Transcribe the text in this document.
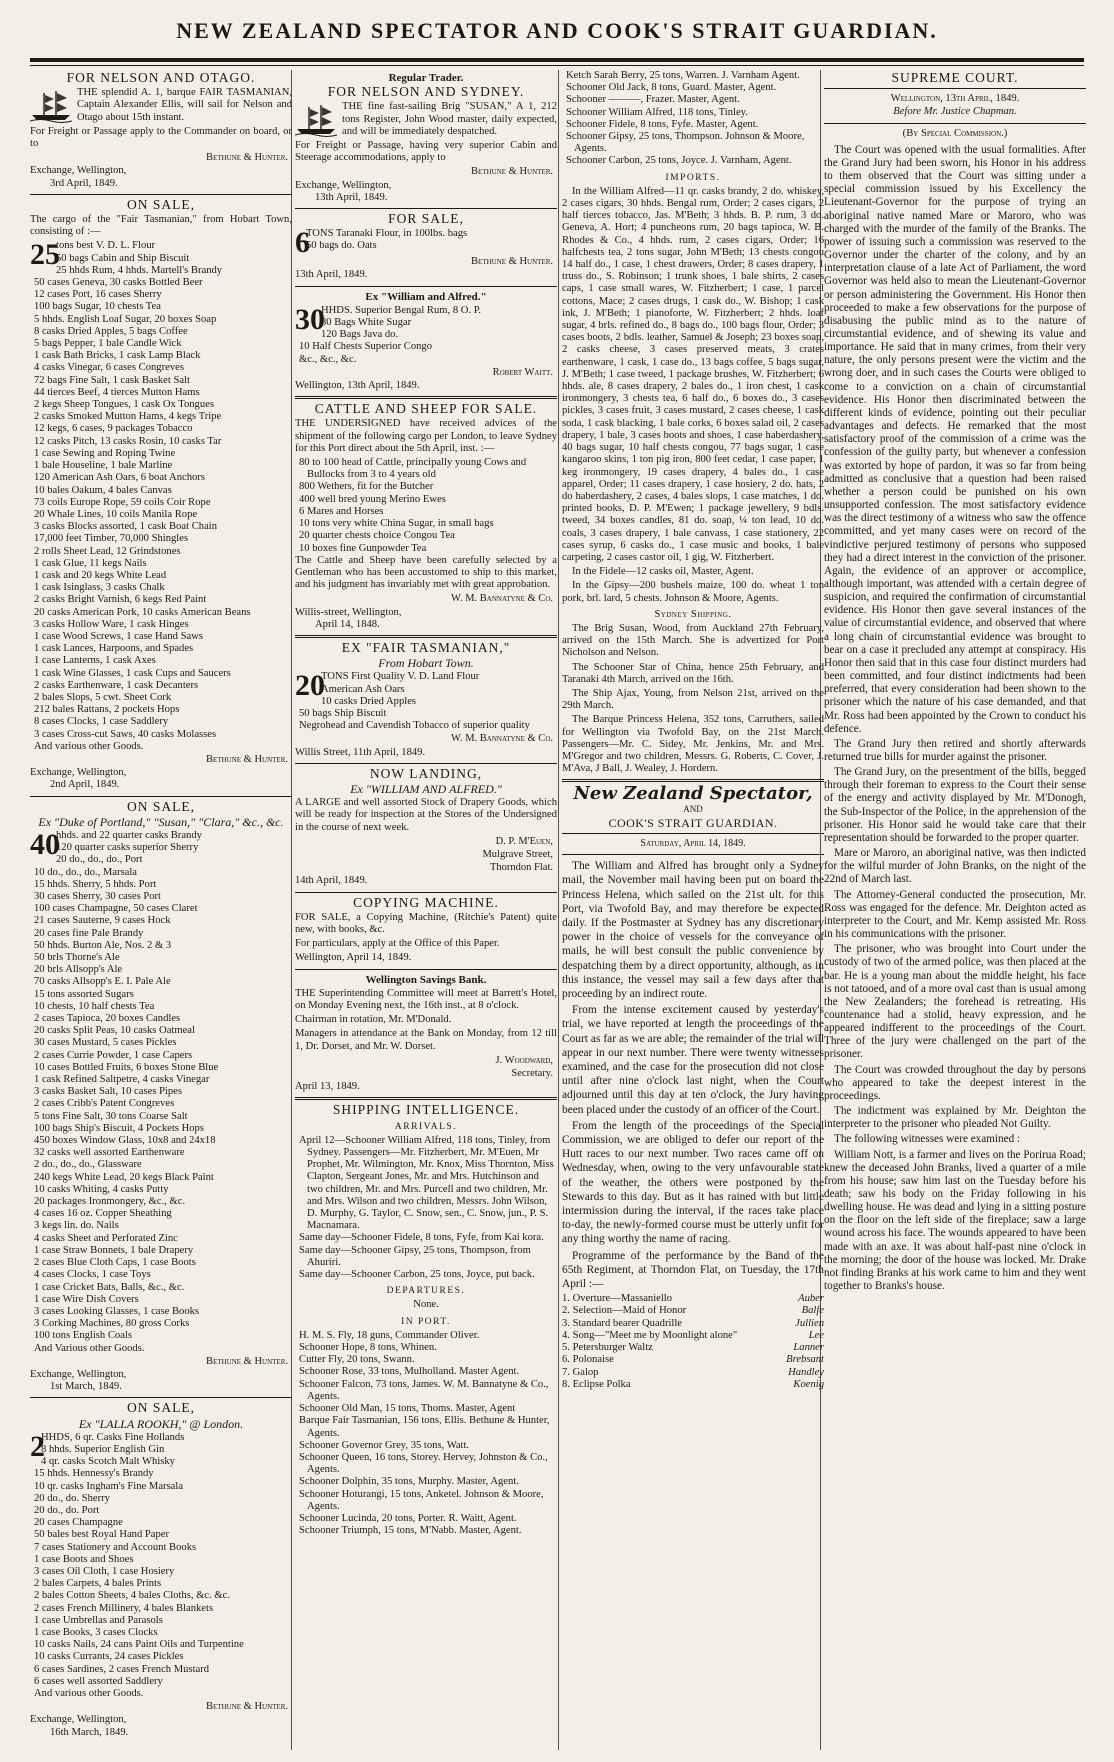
NEW ZEALAND SPECTATOR AND COOK'S STRAIT GUARDIAN.
FOR NELSON AND OTAGO.

THE splendid A. 1, barque FAIR TASMANIAN, Captain Alexander Ellis, will sail for Nelson and Otago about 15th instant.

For Freight or Passage apply to the Commander on board, or to

Bethune & Hunter.

Exchange, Wellington,

3rd April, 1849.

ON SALE,

The cargo of the "Fair Tasmanian," from Hobart Town, consisting of :—

25

tons best V. D. L. Flour

50 bags Cabin and Ship Biscuit

25 hhds Rum, 4 hhds. Martell's Brandy

50 cases Geneva, 30 casks Bottled Beer

12 cases Port, 16 cases Sherry

100 bags Sugar, 10 chests Tea

5 hhds. English Loaf Sugar, 20 boxes Soap

8 casks Dried Apples, 5 bags Coffee

5 bags Pepper, 1 bale Candle Wick

1 cask Bath Bricks, 1 cask Lamp Black

4 casks Vinegar, 6 cases Congreves

72 bags Fine Salt, 1 cask Basket Salt

44 tierces Beef, 4 tierces Mutton Hams

2 kegs Sheep Tongues, 1 cask Ox Tongues

2 casks Smoked Mutton Hams, 4 kegs Tripe

12 kegs, 6 cases, 9 packages Tobacco

12 casks Pitch, 13 casks Rosin, 10 casks Tar

1 case Sewing and Roping Twine

1 bale Houseline, 1 bale Marline

120 American Ash Oars, 6 boat Anchors

10 bales Oakum, 4 bales Canvas

73 coils Europe Rope, 59 coils Coir Rope

20 Whale Lines, 10 coils Manila Rope

3 casks Blocks assorted, 1 cask Boat Chain

17,000 feet Timber, 70,000 Shingles

2 rolls Sheet Lead, 12 Grindstones

1 cask Glue, 11 kegs Nails

1 cask and 20 kegs White Lead

1 cask Isinglass, 3 casks Chalk

2 casks Bright Varnish, 6 kegs Red Paint

20 casks American Pork, 10 casks American Beans

3 casks Hollow Ware, 1 cask Hinges

1 case Wood Screws, 1 case Hand Saws

1 cask Lances, Harpoons, and Spades

1 case Lanterns, 1 cask Axes

1 cask Wine Glasses, 1 cask Cups and Saucers

2 casks Earthenware, 1 cask Decanters

2 bales Slops, 5 cwt. Sheet Cork

212 bales Rattans, 2 pockets Hops

8 cases Clocks, 1 case Saddlery

3 cases Cross-cut Saws, 40 casks Molasses

And various other Goods.

Bethune & Hunter.

Exchange, Wellington,

2nd April, 1849.

ON SALE,
Ex "Duke of Portland," "Susan," "Clara," &c., &c.
40

hhds. and 22 quarter casks Brandy

120 quarter casks superior Sherry

20 do., do., do., Port

10 do., do., do., Marsala

15 hhds. Sherry, 5 hhds. Port

30 cases Sherry, 30 cases Port

100 cases Champagne, 50 cases Claret

21 cases Sauterne, 9 cases Hock

20 cases fine Pale Brandy

50 hhds. Burton Ale, Nos. 2 & 3

50 brls Thorne's Ale

20 brls Allsopp's Ale

70 casks Allsopp's E. I. Pale Ale

15 tons assorted Sugars

10 chests, 10 half chests Tea

2 cases Tapioca, 20 boxes Candles

20 casks Split Peas, 10 casks Oatmeal

30 cases Mustard, 5 cases Pickles

2 cases Currie Powder, 1 case Capers

10 cases Bottled Fruits, 6 boxes Stone Blue

1 cask Refined Saltpetre, 4 casks Vinegar

3 casks Basket Salt, 10 cases Pipes

2 cases Cribb's Patent Congreves

5 tons Fine Salt, 30 tons Coarse Salt

100 bags Ship's Biscuit, 4 Pockets Hops

450 boxes Window Glass, 10x8 and 24x18

32 casks well assorted Earthenware

2 do., do., do., Glassware

240 kegs White Lead, 20 kegs Black Paint

10 casks Whiting, 4 casks Putty

20 packages Ironmongery, &c., &c.

4 cases 16 oz. Copper Sheathing

3 kegs lin. do. Nails

4 casks Sheet and Perforated Zinc

1 case Straw Bonnets, 1 bale Drapery

2 cases Blue Cloth Caps, 1 case Boots

4 cases Clocks, 1 case Toys

1 case Cricket Bats, Balls, &c., &c.

1 case Wire Dish Covers

3 cases Looking Glasses, 1 case Books

3 Corking Machines, 80 gross Corks

100 tons English Coals

And Various other Goods.

Bethune & Hunter.

Exchange, Wellington,

1st March, 1849.

ON SALE,
Ex "LALLA ROOKH," @ London.
2

HHDS, 6 qr. Casks Fine Hollands

8 hhds. Superior English Gin

4 qr. casks Scotch Malt Whisky

15 hhds. Hennessy's Brandy

10 qr. casks Ingham's Fine Marsala

20 do., do. Sherry

20 do., do. Port

20 cases Champagne

50 bales best Royal Hand Paper

7 cases Stationery and Account Books

1 case Boots and Shoes

3 cases Oil Cloth, 1 case Hosiery

2 bales Carpets, 4 bales Prints

2 bales Cotton Sheets, 4 bales Cloths, &c. &c.

2 cases French Millinery, 4 bales Blankets

1 case Umbrellas and Parasols

1 case Books, 3 cases Clocks

10 casks Nails, 24 cans Paint Oils and Turpentine

10 casks Currants, 24 cases Pickles

6 cases Sardines, 2 cases French Mustard

6 cases well assorted Saddlery

And various other Goods.

Bethune & Hunter.

Exchange, Wellington,

16th March, 1849.

Regular Trader.
FOR NELSON AND SYDNEY.

THE fine fast-sailing Brig "SUSAN," A 1, 212 tons Register, John Wood master, daily expected, and will be immediately despatched.

For Freight or Passage, having very superior Cabin and Steerage accommodations, apply to

Bethune & Hunter.

Exchange, Wellington,

13th April, 1849.

FOR SALE,
6

TONS Taranaki Flour, in 100lbs. bags

50 bags do. Oats

Bethune & Hunter.

13th April, 1849.

Ex "William and Alfred."
30

HHDS. Superior Bengal Rum, 8 O. P.

80 Bags White Sugar

120 Bags Java do.

10 Half Chests Superior Congo

&c., &c., &c.

Robert Waitt.

Wellington, 13th April, 1849.

CATTLE AND SHEEP FOR SALE.

THE UNDERSIGNED have received advices of the shipment of the following cargo per London, to leave Sydney for this Port direct about the 5th April, inst. :—

80 to 100 head of Cattle, principally young Cows and Bullocks from 3 to 4 years old

800 Wethers, fit for the Butcher

400 well bred young Merino Ewes

6 Mares and Horses

10 tons very white China Sugar, in small bags

20 quarter chests choice Congou Tea

10 boxes fine Gunpowder Tea

The Cattle and Sheep have been carefully selected by a Gentleman who has been accustomed to ship to this market, and his judgment has invariably met with great approbation.

W. M. Bannatyne & Co.

Willis-street, Wellington,

April 14, 1848.

EX "FAIR TASMANIAN,"
From Hobart Town.
20

TONS First Quality V. D. Land Flour

American Ash Oars

10 casks Dried Apples

50 bags Ship Biscuit

Negrohead and Cavendish Tobacco of superior quality

W. M. Bannatyne & Co.

Willis Street, 11th April, 1849.

NOW LANDING,
Ex "WILLIAM AND ALFRED."

A LARGE and well assorted Stock of Drapery Goods, which will be ready for inspection at the Stores of the Undersigned in the course of next week.

D. P. M'Euen,
Mulgrave Street,
Thorndon Flat.

14th April, 1849.

COPYING MACHINE.

FOR SALE, a Copying Machine, (Ritchie's Patent) quite new, with books, &c.

For particulars, apply at the Office of this Paper.

Wellington, April 14, 1849.

Wellington Savings Bank.

THE Superintending Committee will meet at Barrett's Hotel, on Monday Evening next, the 16th inst., at 8 o'clock.

Chairman in rotation, Mr. M'Donald.

Managers in attendance at the Bank on Monday, from 12 till 1, Dr. Dorset, and Mr. W. Dorset.

J. Woodward,
Secretary.

April 13, 1849.

SHIPPING INTELLIGENCE.
ARRIVALS.

April 12—Schooner William Alfred, 118 tons, Tinley, from Sydney. Passengers—Mr. Fitzherbert, Mr. M'Euen, Mr Prophet, Mr. Wilmington, Mr. Knox, Miss Thornton, Miss Clapton, Sergeant Jones, Mr. and Mrs. Hutchinson and two children, Mr. and Mrs. Purcell and two children, Mr. and Mrs. Wilson and two children, Messrs. John Wilson, D. Murphy, G. Taylor, C. Snow, sen., C. Snow, jun., P. S. Macnamara.

Same day—Schooner Fidele, 8 tons, Fyfe, from Kai kora.

Same day—Schooner Gipsy, 25 tons, Thompson, from Ahuriri.

Same day—Schooner Carbon, 25 tons, Joyce, put back.

DEPARTURES.
None.
IN PORT.

H. M. S. Fly, 18 guns, Commander Oliver.

Schooner Hope, 8 tons, Whinen.

Cutter Fly, 20 tons, Swann.

Schooner Rose, 33 tons, Mulholland. Master Agent.

Schooner Falcon, 73 tons, James. W. M. Bannatyne & Co., Agents.

Schooner Old Man, 15 tons, Thoms. Master, Agent

Barque Fair Tasmanian, 156 tons, Ellis. Bethune & Hunter, Agents.

Schooner Governor Grey, 35 tons, Watt.

Schooner Queen, 16 tons, Storey. Hervey, Johnston & Co., Agents.

Schooner Dolphin, 35 tons, Murphy. Master, Agent.

Schooner Hoturangi, 15 tons, Anketel. Johnson & Moore, Agents.

Schooner Lucinda, 20 tons, Porter. R. Waitt, Agent.

Schooner Triumph, 15 tons, M'Nabb. Master, Agent.

Ketch Sarah Berry, 25 tons, Warren. J. Varnham Agent.

Schooner Old Jack, 8 tons, Guard. Master, Agent.

Schooner ———, Frazer. Master, Agent.

Schooner William Alfred, 118 tons, Tinley.

Schooner Fidele, 8 tons, Fyfe. Master, Agent.

Schooner Gipsy, 25 tons, Thompson. Johnson & Moore, Agents.

Schooner Carbon, 25 tons, Joyce. J. Varnham, Agent.

IMPORTS.

In the William Alfred—11 qr. casks brandy, 2 do. whiskey, 2 cases cigars, 30 hhds. Bengal rum, Order; 2 cases cigars, 2 half tierces tobacco, Jas. M'Beth; 3 hhds. B. P. rum, 3 do. Geneva, A. Hort; 4 puncheons rum, 20 bags tapioca, W. B. Rhodes & Co., 4 hhds. rum, 2 cases cigars, Order; 16 halfchests tea, 2 tons sugar, John M'Beth; 13 chests congou 14 half do., 1 case, 1 chest drawers, Order; 8 cases drapery, 1 truss do., S. Robinson; 1 trunk shoes, 1 bale shirts, 2 cases caps, 1 case small wares, W. Fitzherbert; 1 case, 1 parcel cottons, Mace; 2 cases drugs, 1 cask do., W. Bishop; 1 cask ink, J. M'Beth; 1 pianoforte, W. Fitzherbert; 2 hhds. loaf sugar, 4 brls. refined do., 8 bags do., 100 bags flour, Order; 3 cases boots, 2 bdls. leather, Samuel & Joseph; 23 boxes soap, 2 casks cheese, 3 cases preserved meats, 3 crates earthenware, 1 cask, 1 case do., 13 bags coffee, 5 bags sugar, J. M'Beth; 1 case tweed, 1 package brushes, W. Fitzherbert; 6 hhds. ale, 8 cases drapery, 2 bales do., 1 iron chest, 1 cask ironmongery, 3 chests tea, 6 half do., 6 boxes do., 3 cases pickles, 3 cases fruit, 3 cases mustard, 2 cases cheese, 1 cask soda, 1 cask blacking, 1 bale corks, 6 boxes salad oil, 2 cases drapery, 1 bale, 3 cases boots and shoes, 1 case haberdashery, 40 bags sugar, 10 half chests congou, 77 bags sugar, 1 case kangaroo skins, 1 ton pig iron, 800 feet cedar, 1 case paper, 1 keg ironmongery, 19 cases drapery, 4 bales do., 1 case apparel, Order; 11 cases drapery, 1 case hosiery, 2 do. hats, 2 do haberdashery, 2 cases, 4 bales slops, 1 case matches, 1 do. printed books, D. P. M'Ewen; 1 package jewellery, 9 bdls. tweed, 34 boxes candles, 81 do. soap, ¼ ton lead, 10 do. coals, 3 cases drapery, 1 bale canvass, 1 case stationery, 22 cases syrup, 6 casks do., 1 case music and books, 1 bale carpeting, 2 cases castor oil, 1 gig, W. Fitzherbert.

In the Fidele—12 casks oil, Master, Agent.

In the Gipsy—200 bushels maize, 100 do. wheat 1 ton pork, brl. lard, 5 chests. Johnson & Moore, Agents.

Sydney Shipping.

The Brig Susan, Wood, from Auckland 27th February, arrived on the 15th March. She is advertized for Port Nicholson and Nelson.

The Schooner Star of China, hence 25th February, and Taranaki 4th March, arrived on the 16th.

The Ship Ajax, Young, from Nelson 21st, arrived on the 29th March.

The Barque Princess Helena, 352 tons, Carruthers, sailed for Wellington via Twofold Bay, on the 21st March. Passengers—Mr. C. Sidey, Mr. Jenkins, Mr. and Mrs. M'Gregor and two children, Messrs. G. Roberts, C. Cover, J. M'Ava, J Ball, J. Wealey, J. Hordern.

New Zealand Spectator,
AND
COOK'S STRAIT GUARDIAN.
Saturday, April 14, 1849.

The William and Alfred has brought only a Sydney mail, the November mail having been put on board the Princess Helena, which sailed on the 21st ult. for this Port, via Twofold Bay, and may therefore be expected daily. If the Postmaster at Sydney has any discretionary power in the choice of vessels for the conveyance of mails, he will best consult the public convenience by despatching them by a direct opportunity, although, as in this instance, the vessel may sail a few days after that proceeding by an indirect route.

From the intense excitement caused by yesterday's trial, we have reported at length the proceedings of the Court as far as we are able; the remainder of the trial will appear in our next number. There were twenty witnesses examined, and the case for the prosecution did not close until after nine o'clock last night, when the Court adjourned until this day at ten o'clock, the Jury having been placed under the custody of an officer of the Court.

From the length of the proceedings of the Special Commission, we are obliged to defer our report of the Hutt races to our next number. Two races came off on Wednesday, when, owing to the very unfavourable state of the weather, the others were postponed by the Stewards to this day. But as it has rained with but little intermission during the interval, if the races take place to-day, the newly-formed course must be utterly unfit for any thing worthy the name of racing.

Programme of the performance by the Band of the 65th Regiment, at Thorndon Flat, on Tuesday, the 17th April :—

1. Overture—Massaniello	Auber
2. Selection—Maid of Honor	Balfe
3. Standard bearer Quadrille	Jullien
4. Song—"Meet me by Moonlight alone"	Lee
5. Petersburger Waltz	Lanner
6. Polonaise	Brebsant
7. Galop	Handley
8. Eclipse Polka	Koenig
SUPREME COURT.
Wellington, 13th April, 1849.
Before Mr. Justice Chapman.
(By Special Commission.)

The Court was opened with the usual formalities. After the Grand Jury had been sworn, his Honor in his address to them observed that the Court was sitting under a special commission issued by his Excellency the Lieutenant-Governor for the purpose of trying an aboriginal native named Mare or Maroro, who was charged with the murder of the family of the Branks. The power of issuing such a commission was reserved to the Governor under the charter of the colony, and by an interpretation clause of a late Act of Parliament, the word Governor was held also to mean the Lieutenant-Governor or person administering the Government. His Honor then proceeded to make a few observations for the purpose of disabusing the public mind as to the nature of circumstantial evidence, and of shewing its value and importance. He said that in many crimes, from their very nature, the only persons present were the victim and the wrong doer, and in such cases the Courts were obliged to come to a conviction on a chain of circumstantial evidence. His Honor then discriminated between the different kinds of evidence, pointing out their peculiar advantages and defects. He remarked that the most satisfactory proof of the commission of a crime was the confession of the guilty party, but whenever a confession was extorted by hope of pardon, it was so far from being admitted as conclusive that a question had been raised whether a person could be punished on his own unsupported confession. The most satisfactory evidence was the direct testimony of a witness who saw the offence committed, and yet many cases were on record of the vindictive perjured testimony of persons who supposed they had a direct interest in the conviction of the prisoner. Again, the evidence of an approver or accomplice, although important, was attended with a certain degree of suspicion, and required the confirmation of circumstantial evidence. His Honor then gave several instances of the value of circumstantial evidence, and observed that where a long chain of circumstantial evidence was brought to bear on a case it precluded any attempt at conspiracy. His Honor then said that in this case four distinct murders had been committed, and four distinct indictments had been preferred, that every consideration had been shown to the prisoner which the nature of his case demanded, and that Mr. Ross had been appointed by the Crown to conduct his defence.

The Grand Jury then retired and shortly afterwards returned true bills for murder against the prisoner.

The Grand Jury, on the presentment of the bills, begged through their foreman to express to the Court their sense of the energy and activity displayed by Mr. M'Donogh, the Sub-Inspector of the Police, in the apprehension of the prisoner. His Honor said he would take care that their representation should be forwarded to the proper quarter.

Mare or Maroro, an aboriginal native, was then indicted for the wilful murder of John Branks, on the night of the 22nd of March last.

The Attorney-General conducted the prosecution, Mr. Ross was engaged for the defence. Mr. Deighton acted as interpreter to the Court, and Mr. Kemp assisted Mr. Ross in his communications with the prisoner.

The prisoner, who was brought into Court under the custody of two of the armed police, was then placed at the bar. He is a young man about the middle height, his face is not tatooed, and of a more oval cast than is usual among the New Zealanders; the forehead is retreating. His countenance had a stolid, heavy expression, and he appeared indifferent to the proceedings of the Court. Three of the jury were challenged on the part of the prisoner.

The Court was crowded throughout the day by persons who appeared to take the deepest interest in the proceedings.

The indictment was explained by Mr. Deighton the interpreter to the prisoner who pleaded Not Guilty.

The following witnesses were examined :

William Nott, is a farmer and lives on the Porirua Road; knew the deceased John Branks, lived a quarter of a mile from his house; saw him last on the Tuesday before his death; saw his body on the Friday following in his dwelling house. He was dead and lying in a sitting posture on the floor on the left side of the fireplace; saw a large wound across his face. The wounds appeared to have been made with an axe. It was about half-past nine o'clock in the morning; the door of the house was locked. Mr. Drake not finding Branks at his work came to him and they went together to Branks's house.
